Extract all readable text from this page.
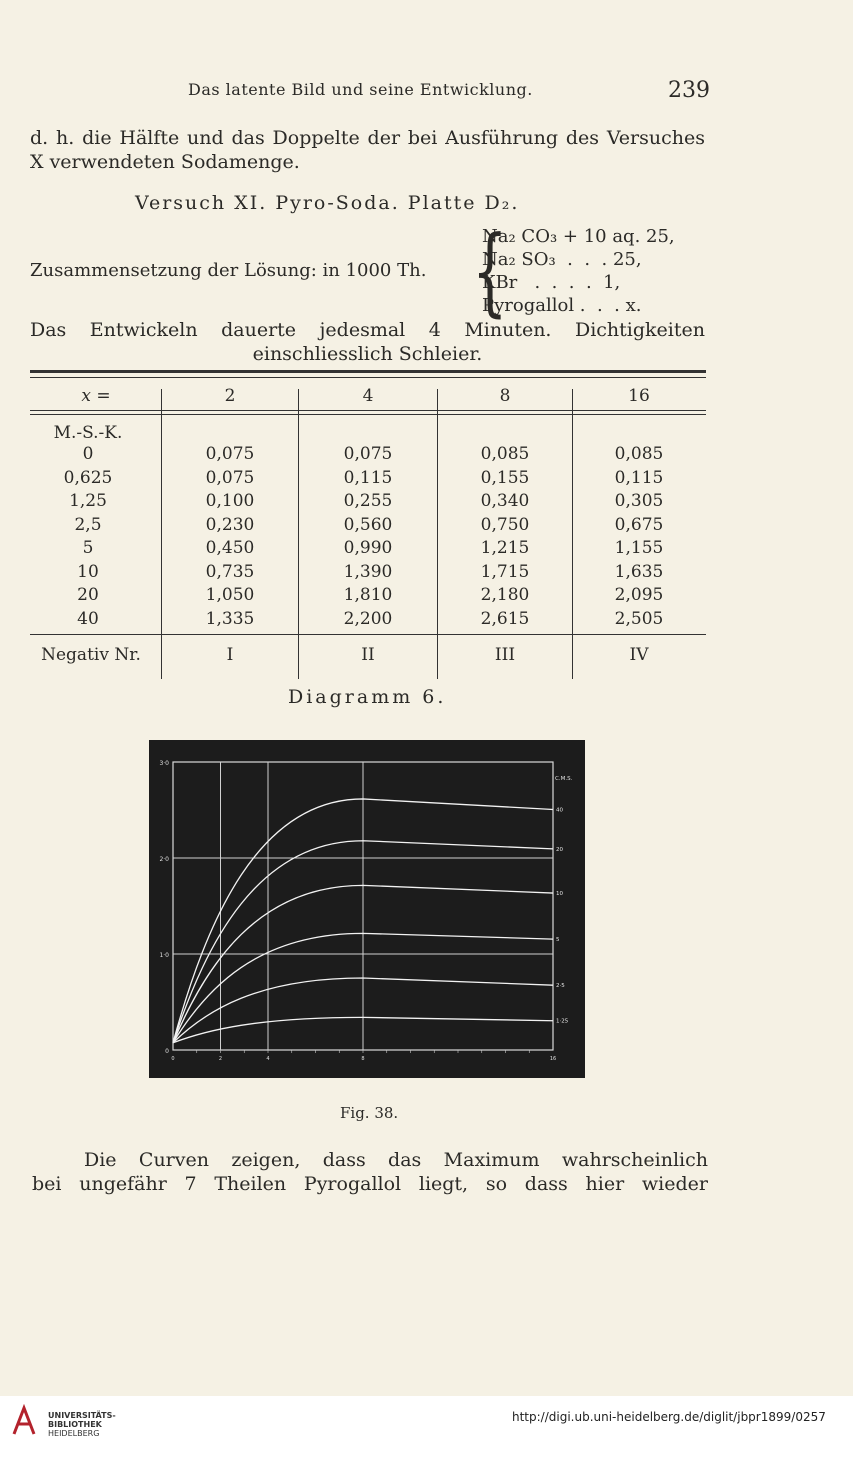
Das latente Bild und seine Entwicklung.	239
d. h. die Hälfte und das Doppelte der bei Ausführung des Versuches X verwendeten Sodamenge.
Versuch XI. Pyro-Soda. Platte D₂.
Zusammensetzung der Lösung: in 1000 Th. {
Na₂ CO₃ + 10 aq. 25,
Na₂ SO₃  .  .  . 25,
KBr   .  .  .  .  1,
Pyrogallol .  .  . x.
Das Entwickeln dauerte jedesmal 4 Minuten. Dichtigkeiten
einschliesslich Schleier.
x =	2	4	8	16
M.-S.-K.
0	0,075	0,075	0,085	0,085
0,625	0,075	0,115	0,155	0,115
1,25	0,100	0,255	0,340	0,305
2,5	0,230	0,560	0,750	0,675
5	0,450	0,990	1,215	1,155
10	0,735	1,390	1,715	1,635
20	1,050	1,810	2,180	2,095
40	1,335	2,200	2,615	2,505
Negativ Nr.	I	II	III	IV
Diagramm 6.
0
1·0
2·0
3·0
0	2	4	8	16
C.M.S.
40
20
10
5
2·5
1·25
Fig. 38.
Die Curven zeigen, dass das Maximum wahrscheinlich
bei ungefähr 7 Theilen Pyrogallol liegt, so dass hier wieder
UNIVERSITÄTS-
BIBLIOTHEK
HEIDELBERG
http://digi.ub.uni-heidelberg.de/diglit/jbpr1899/0257
